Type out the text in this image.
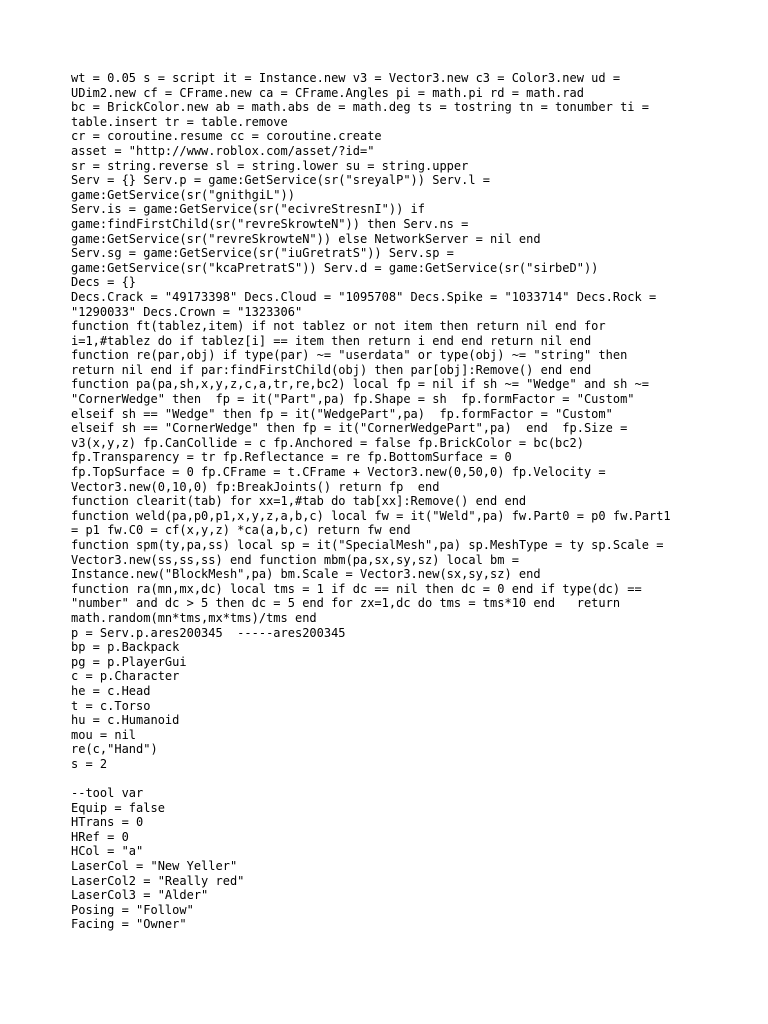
wt = 0.05 s = script it = Instance.new v3 = Vector3.new c3 = Color3.new ud =
UDim2.new cf = CFrame.new ca = CFrame.Angles pi = math.pi rd = math.rad
bc = BrickColor.new ab = math.abs de = math.deg ts = tostring tn = tonumber ti =
table.insert tr = table.remove
cr = coroutine.resume cc = coroutine.create
asset = "http://www.roblox.com/asset/?id="
sr = string.reverse sl = string.lower su = string.upper
Serv = {} Serv.p = game:GetService(sr("sreyalP")) Serv.l =
game:GetService(sr("gnithgiL"))
Serv.is = game:GetService(sr("ecivreStresnI")) if
game:findFirstChild(sr("revreSkrowteN")) then Serv.ns =
game:GetService(sr("revreSkrowteN")) else NetworkServer = nil end
Serv.sg = game:GetService(sr("iuGretratS")) Serv.sp =
game:GetService(sr("kcaPretratS")) Serv.d = game:GetService(sr("sirbeD"))
Decs = {}
Decs.Crack = "49173398" Decs.Cloud = "1095708" Decs.Spike = "1033714" Decs.Rock =
"1290033" Decs.Crown = "1323306"
function ft(tablez,item) if not tablez or not item then return nil end for
i=1,#tablez do if tablez[i] == item then return i end end return nil end
function re(par,obj) if type(par) ~= "userdata" or type(obj) ~= "string" then
return nil end if par:findFirstChild(obj) then par[obj]:Remove() end end
function pa(pa,sh,x,y,z,c,a,tr,re,bc2) local fp = nil if sh ~= "Wedge" and sh ~=
"CornerWedge" then  fp = it("Part",pa) fp.Shape = sh  fp.formFactor = "Custom"
elseif sh == "Wedge" then fp = it("WedgePart",pa)  fp.formFactor = "Custom"
elseif sh == "CornerWedge" then fp = it("CornerWedgePart",pa)  end  fp.Size =
v3(x,y,z) fp.CanCollide = c fp.Anchored = false fp.BrickColor = bc(bc2)
fp.Transparency = tr fp.Reflectance = re fp.BottomSurface = 0
fp.TopSurface = 0 fp.CFrame = t.CFrame + Vector3.new(0,50,0) fp.Velocity =
Vector3.new(0,10,0) fp:BreakJoints() return fp  end
function clearit(tab) for xx=1,#tab do tab[xx]:Remove() end end
function weld(pa,p0,p1,x,y,z,a,b,c) local fw = it("Weld",pa) fw.Part0 = p0 fw.Part1
= p1 fw.C0 = cf(x,y,z) *ca(a,b,c) return fw end
function spm(ty,pa,ss) local sp = it("SpecialMesh",pa) sp.MeshType = ty sp.Scale =
Vector3.new(ss,ss,ss) end function mbm(pa,sx,sy,sz) local bm =
Instance.new("BlockMesh",pa) bm.Scale = Vector3.new(sx,sy,sz) end
function ra(mn,mx,dc) local tms = 1 if dc == nil then dc = 0 end if type(dc) ==
"number" and dc > 5 then dc = 5 end for zx=1,dc do tms = tms*10 end   return
math.random(mn*tms,mx*tms)/tms end
p = Serv.p.ares200345  -----ares200345
bp = p.Backpack
pg = p.PlayerGui
c = p.Character
he = c.Head
t = c.Torso
hu = c.Humanoid
mou = nil
re(c,"Hand")
s = 2
--tool var
Equip = false
HTrans = 0
HRef = 0
HCol = "a"
LaserCol = "New Yeller"
LaserCol2 = "Really red"
LaserCol3 = "Alder"
Posing = "Follow"
Facing = "Owner"
